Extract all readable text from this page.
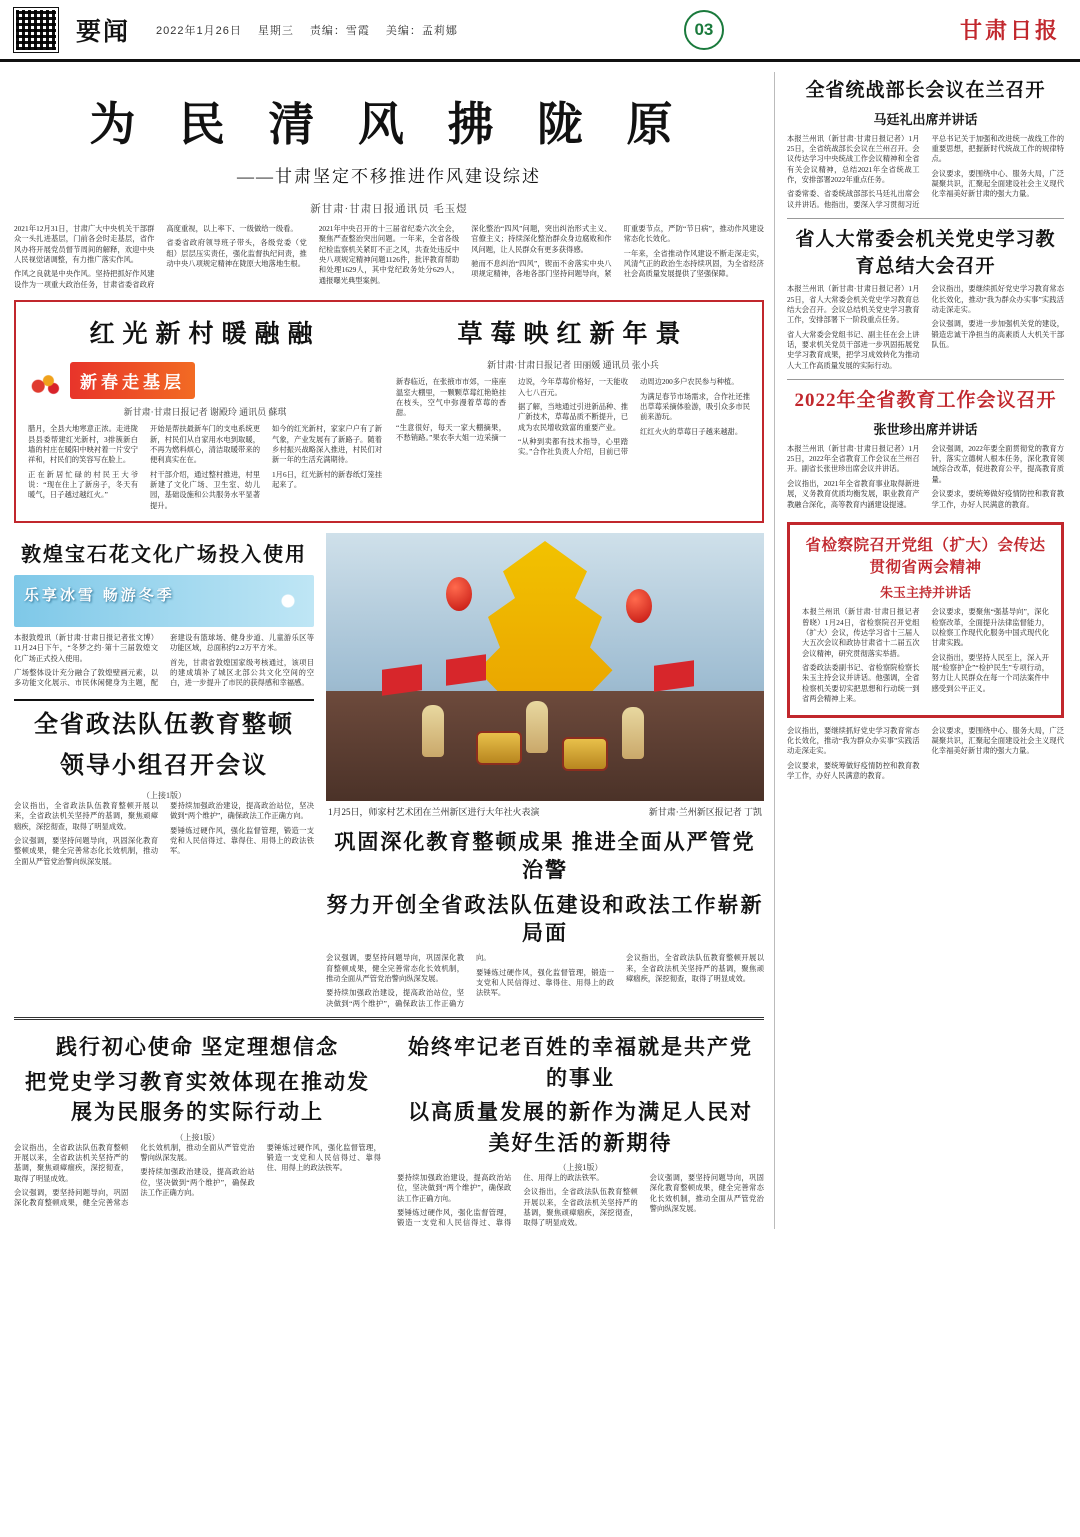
要闻 2022年1月26日 星期三 责编：雪霞 美编：孟莉娜	03	甘肃日报
为 民 清 风 拂 陇 原
——甘肃坚定不移推进作风建设综述
新甘肃·甘肃日报通讯员 毛玉煜

2021年12月31日，甘肃广大中央机关干部群众一头扎进基层，门前各会时走基层，省作风办将开展党员督节周间的解释，欢迎中央人民视觉诸调整，有力推广落实作风。

作风之良就是中央作风。坚持把抓好作风建设作为一项重大政治任务，甘肃省委省政府高度重视，以上率下、一级做给一级看。

省委省政府领导班子带头，各级党委（党组）层层压实责任，强化监督执纪问责，推动中央八项规定精神在陇原大地落地生根。

2021年中央召开的十三届省纪委六次全会，聚焦严查整治突出问题。一年来，全省各级纪检监察机关紧盯不正之风，共查处违反中央八项规定精神问题1126件，批评教育帮助和处理1629人，其中党纪政务处分629人，通报曝光典型案例。

深化整治“四风”问题，突出纠治形式主义、官僚主义；持续深化整治群众身边腐败和作风问题，让人民群众有更多获得感。

驰而不息纠治“四风”，锲而不舍落实中央八项规定精神，各地各部门坚持问题导向，紧盯重要节点，严防“节日病”，推动作风建设常态化长效化。

一年来，全省推动作风建设不断走深走实，风清气正的政治生态持续巩固，为全省经济社会高质量发展提供了坚强保障。

红光新村暖融融
新春走基层
新甘肃·甘肃日报记者 谢殿玲 通讯员 蘇琪

腊月，全县大地寒意正浓。走进陇县县委帮建红光新村，3排簇新白墙的村庄在暖阳中映衬着一片安宁祥和，村民们的笑容写在脸上。

正在新居忙碌的村民王大爷说：“现在住上了新房子，冬天有暖气，日子越过越红火。”

开始是帮扶最新车门的支电系统更新，村民们从自家用水电到取暖，不再为燃料烦心，清洁取暖带来的便利真实在在。

村干部介绍，通过整村推进，村里新建了文化广场、卫生室、幼儿园，基础设施和公共服务水平显著提升。

如今的红光新村，家家户户有了新气象，产业发展有了新路子。随着乡村振兴战略深入推进，村民们对新一年的生活充满期待。

1月6日，红光新村的新春纸灯笼挂起来了。

草莓映红新年景
新甘肃·甘肃日报记者 田丽媛 通讯员 张小兵

新春临近，在张掖市市郊，一座座温室大棚里，一颗颗草莓红艳艳挂在枝头，空气中弥漫着草莓的香甜。

“生意很好，每天一家大棚摘果，不愁销路。”果农李大姐一边采摘一边说，今年草莓价格好，一天能收入七八百元。

据了解，当地通过引进新品种、推广新技术，草莓品质不断提升，已成为农民增收致富的重要产业。

“从种到卖都有技术指导，心里踏实。”合作社负责人介绍，目前已带动周边200多户农民参与种植。

为满足春节市场需求，合作社还推出草莓采摘体验游，吸引众多市民前来游玩。

红红火火的草莓日子越来越甜。

敦煌宝石花文化广场投入使用
乐享冰雪 畅游冬季

本报敦煌讯（新甘肃·甘肃日报记者张文博）11月24日下午，“冬梦之约·第十三届敦煌文化广场正式投入使用。

广场整体设计充分融合了敦煌壁画元素，以多功能文化展示、市民休闲健身为主题，配套建设有篮球场、健身步道、儿童游乐区等功能区域，总面积约2.2万平方米。

首先，甘肃省敦煌国家级考核通过，该项目的建成填补了城区北部公共文化空间的空白，进一步提升了市民的获得感和幸福感。

全省政法队伍教育整顿
领导小组召开会议
（上接1版）

会议指出，全省政法队伍教育整顿开展以来，全省政法机关坚持严的基调，聚焦顽瘴痼疾，深挖彻查，取得了明显成效。

会议强调，要坚持问题导向，巩固深化教育整顿成果，健全完善常态化长效机制，推动全面从严管党治警向纵深发展。

要持续加强政治建设，提高政治站位，坚决做到“两个维护”，确保政法工作正确方向。

要锤炼过硬作风，强化监督管理，锻造一支党和人民信得过、靠得住、用得上的政法铁军。

1月25日，师家村艺术团在兰州新区进行大年社火表演	新甘肃·兰州新区报记者 丁凯
巩固深化教育整顿成果 推进全面从严管党治警
努力开创全省政法队伍建设和政法工作崭新局面

会议强调，要坚持问题导向，巩固深化教育整顿成果，健全完善常态化长效机制，推动全面从严管党治警向纵深发展。

要持续加强政治建设，提高政治站位，坚决做到“两个维护”，确保政法工作正确方向。

要锤炼过硬作风，强化监督管理，锻造一支党和人民信得过、靠得住、用得上的政法铁军。

会议指出，全省政法队伍教育整顿开展以来，全省政法机关坚持严的基调，聚焦顽瘴痼疾，深挖彻查，取得了明显成效。

践行初心使命 坚定理想信念
把党史学习教育实效体现在推动发展为民服务的实际行动上
（上接1版）

会议指出，全省政法队伍教育整顿开展以来，全省政法机关坚持严的基调，聚焦顽瘴痼疾，深挖彻查，取得了明显成效。

会议强调，要坚持问题导向，巩固深化教育整顿成果，健全完善常态化长效机制，推动全面从严管党治警向纵深发展。

要持续加强政治建设，提高政治站位，坚决做到“两个维护”，确保政法工作正确方向。

要锤炼过硬作风，强化监督管理，锻造一支党和人民信得过、靠得住、用得上的政法铁军。

始终牢记老百姓的幸福就是共产党的事业
以高质量发展的新作为满足人民对美好生活的新期待
（上接1版）

要持续加强政治建设，提高政治站位，坚决做到“两个维护”，确保政法工作正确方向。

要锤炼过硬作风，强化监督管理，锻造一支党和人民信得过、靠得住、用得上的政法铁军。

会议指出，全省政法队伍教育整顿开展以来，全省政法机关坚持严的基调，聚焦顽瘴痼疾，深挖彻查，取得了明显成效。

会议强调，要坚持问题导向，巩固深化教育整顿成果，健全完善常态化长效机制，推动全面从严管党治警向纵深发展。

全省统战部长会议在兰召开
马廷礼出席并讲话

本报兰州讯（新甘肃·甘肃日报记者）1月25日，全省统战部长会议在兰州召开。会议传达学习中央统战工作会议精神和全省有关会议精神，总结2021年全省统战工作，安排部署2022年重点任务。

省委常委、省委统战部部长马廷礼出席会议并讲话。他指出，要深入学习贯彻习近平总书记关于加强和改进统一战线工作的重要思想，把握新时代统战工作的规律特点。

会议要求，要围绕中心、服务大局，广泛凝聚共识，汇聚起全面建设社会主义现代化幸福美好新甘肃的强大力量。

省人大常委会机关党史学习教育总结大会召开

本报兰州讯（新甘肃·甘肃日报记者）1月25日，省人大常委会机关党史学习教育总结大会召开。会议总结机关党史学习教育工作，安排部署下一阶段重点任务。

省人大常委会党组书记、副主任在会上讲话，要求机关党员干部进一步巩固拓展党史学习教育成果，把学习成效转化为推动人大工作高质量发展的实际行动。

会议指出，要继续抓好党史学习教育常态化长效化，推动“我为群众办实事”实践活动走深走实。

会议强调，要进一步加强机关党的建设，锻造忠诚干净担当的高素质人大机关干部队伍。

2022年全省教育工作会议召开
张世珍出席并讲话

本报兰州讯（新甘肃·甘肃日报记者）1月25日，2022年全省教育工作会议在兰州召开。副省长张世珍出席会议并讲话。

会议指出，2021年全省教育事业取得新进展，义务教育优质均衡发展，职业教育产教融合深化，高等教育内涵建设提速。

会议强调，2022年要全面贯彻党的教育方针，落实立德树人根本任务，深化教育领域综合改革，促进教育公平，提高教育质量。

会议要求，要统筹做好疫情防控和教育教学工作，办好人民满意的教育。

省检察院召开党组（扩大）会传达贯彻省两会精神
朱玉主持并讲话

本报兰州讯（新甘肃·甘肃日报记者曾晓）1月24日，省检察院召开党组（扩大）会议，传达学习省十三届人大五次会议和政协甘肃省十二届五次会议精神，研究贯彻落实举措。

省委政法委副书记、省检察院检察长朱玉主持会议并讲话。他强调，全省检察机关要切实把思想和行动统一到省两会精神上来。

会议要求，要聚焦“强基导向”，深化检察改革，全面提升法律监督能力，以检察工作现代化服务中国式现代化甘肃实践。

会议指出，要坚持人民至上，深入开展“检察护企”“检护民生”专项行动，努力让人民群众在每一个司法案件中感受到公平正义。

会议指出，要继续抓好党史学习教育常态化长效化，推动“我为群众办实事”实践活动走深走实。

会议要求，要统筹做好疫情防控和教育教学工作，办好人民满意的教育。

会议要求，要围绕中心、服务大局，广泛凝聚共识，汇聚起全面建设社会主义现代化幸福美好新甘肃的强大力量。
